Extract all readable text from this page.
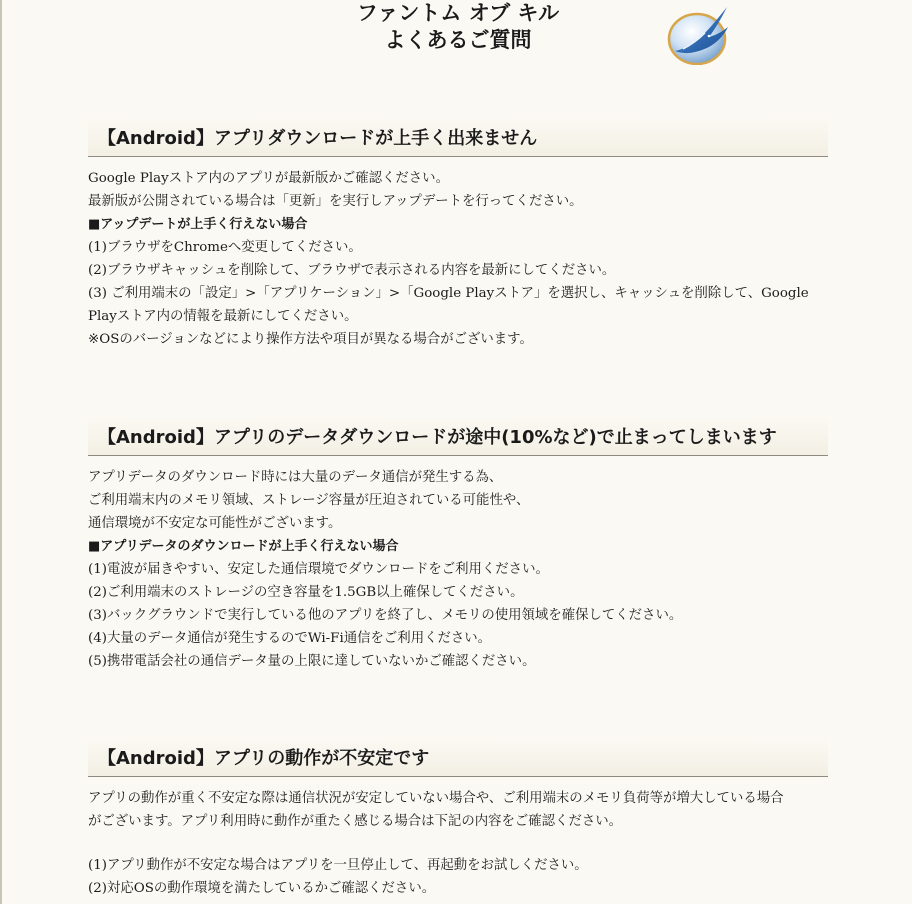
ファントム オブ キル
よくあるご質問
【Android】アプリダウンロードが上手く出来ません

Google Playストア内のアプリが最新版かご確認ください。

最新版が公開されている場合は「更新」を実行しアップデートを行ってください。

■アップデートが上手く行えない場合

(1)ブラウザをChromeへ変更してください。

(2)ブラウザキャッシュを削除して、ブラウザで表示される内容を最新にしてください。

(3) ご利用端末の「設定」>「アプリケーション」>「Google Playストア」を選択し、キャッシュを削除して、Google

Playストア内の情報を最新にしてください。

※OSのバージョンなどにより操作方法や項目が異なる場合がございます。

【Android】アプリのデータダウンロードが途中(10%など)で止まってしまいます

アプリデータのダウンロード時には大量のデータ通信が発生する為、

ご利用端末内のメモリ領域、ストレージ容量が圧迫されている可能性や、

通信環境が不安定な可能性がございます。

■アプリデータのダウンロードが上手く行えない場合

(1)電波が届きやすい、安定した通信環境でダウンロードをご利用ください。

(2)ご利用端末のストレージの空き容量を1.5GB以上確保してください。

(3)バックグラウンドで実行している他のアプリを終了し、メモリの使用領域を確保してください。

(4)大量のデータ通信が発生するのでWi-Fi通信をご利用ください。

(5)携帯電話会社の通信データ量の上限に達していないかご確認ください。

【Android】アプリの動作が不安定です

アプリの動作が重く不安定な際は通信状況が安定していない場合や、ご利用端末のメモリ負荷等が増大している場合

がございます。アプリ利用時に動作が重たく感じる場合は下記の内容をご確認ください。

(1)アプリ動作が不安定な場合はアプリを一旦停止して、再起動をお試しください。

(2)対応OSの動作環境を満たしているかご確認ください。
